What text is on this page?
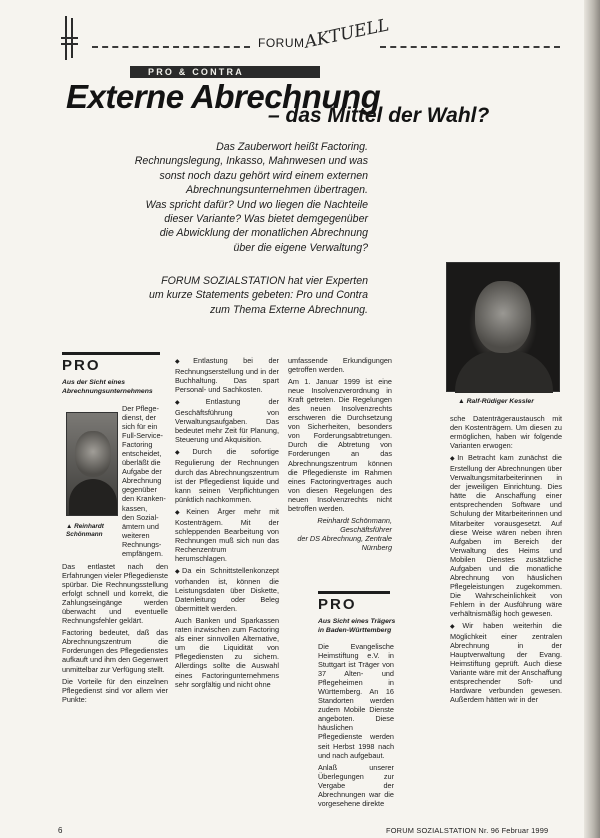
FORUM
AKTUELL
PRO & CONTRA
Externe Abrechnung
– das Mittel der Wahl?
Das Zauberwort heißt Factoring.
Rechnungslegung, Inkasso, Mahnwesen und was
sonst noch dazu gehört wird einem externen
Abrechnungsunternehmen übertragen.
Was spricht dafür? Und wo liegen die Nachteile
dieser Variante? Was bietet demgegenüber
die Abwicklung der monatlichen Abrechnung
über die eigene Verwaltung?
FORUM SOZIALSTATION hat vier Experten
um kurze Statements gebeten: Pro und Contra
zum Thema Externe Abrechnung.
▲ Ralf-Rüdiger Kessler
PRO
Aus der Sicht eines
Abrechnungsunternehmens
▲ Reinhardt
Schönmann
Der Pflege-
dienst, der
sich für ein
Full-Service-
Factoring
entscheidet,
überläßt die
Aufgabe der
Abrechnung
gegenüber
den Kranken-
kassen,
den Sozial-
ämtern und
weiteren
Rechnungs-
empfängern.

Das entlastet nach den Erfahrungen vieler Pflegedienste spürbar. Die Rechnungsstellung erfolgt schnell und korrekt, die Zahlungseingänge werden überwacht und eventuelle Rechnungsfehler geklärt.

Factoring bedeutet, daß das Abrechnungszentrum die Forderungen des Pflegedienstes aufkauft und ihm den Gegenwert unmittelbar zur Verfügung stellt.

Die Vorteile für den einzelnen Pflegedienst sind vor allem vier Punkte:

◆ Entlastung bei der Rechnungserstellung und in der Buchhaltung. Das spart Personal- und Sachkosten.

◆ Entlastung der Geschäftsführung von Verwaltungsaufgaben. Das bedeutet mehr Zeit für Planung, Steuerung und Akquisition.

◆ Durch die sofortige Regulierung der Rechnungen durch das Abrechnungszentrum ist der Pflegedienst liquide und kann seinen Verpflichtungen pünktlich nachkommen.

◆ Keinen Ärger mehr mit Kostenträgern. Mit der schleppenden Bearbeitung von Rechnungen muß sich nun das Rechenzentrum herumschlagen.

◆ Da ein Schnittstellenkonzept vorhanden ist, können die Leistungsdaten über Diskette, Datenleitung oder Beleg übermittelt werden.

Auch Banken und Sparkassen raten inzwischen zum Factoring als einer sinnvollen Alternative, um die Liquidität von Pflegediensten zu sichern. Allerdings sollte die Auswahl eines Factoringunternehmens sehr sorgfältig und nicht ohne

umfassende Erkundigungen getroffen werden.

Am 1. Januar 1999 ist eine neue Insolvenzverordnung in Kraft getreten. Die Regelungen des neuen Insolvenzrechts erschweren die Durchsetzung von Sicherheiten, besonders von Forderungsabtretungen. Durch die Abtretung von Forderungen an das Abrechnungszentrum können die Pflegedienste im Rahmen eines Factoringvertrages auch von diesen Regelungen des neuen Insolvenzrechts nicht betroffen werden.

Reinhardt Schönmann, Geschäftsführer
der DS Abrechnung, Zentrale Nürnberg
PRO
Aus Sicht eines Trägers
in Baden-Württemberg

Die Evangelische Heimstiftung e.V. in Stuttgart ist Träger von 37 Alten- und Pflegeheimen in Württemberg. An 16 Standorten werden zudem Mobile Dienste angeboten. Diese häuslichen Pflegedienste werden seit Herbst 1998 nach und nach aufgebaut.

Anlaß unserer Überlegungen zur Vergabe der Abrechnungen war die vorgesehene direkte

sche Datenträgeraustausch mit den Kostenträgern. Um diesen zu ermöglichen, haben wir folgende Varianten erwogen:

◆ In Betracht kam zunächst die Erstellung der Abrechnungen über Verwaltungsmitarbeiterinnen in der jeweiligen Einrichtung. Dies hätte die Anschaffung einer entsprechenden Software und Schulung der Mitarbeiterinnen und Mitarbeiter vorausgesetzt. Auf diese Weise wären neben ihren Aufgaben im Bereich der Verwaltung des Heims und Mobilen Dienstes zusätzliche Aufgaben und die monatliche Abrechnung von häuslichen Pflegeleistungen zugekommen. Die Wahrscheinlichkeit von Fehlern in der Ausführung wäre verhältnismäßig hoch gewesen.

◆ Wir haben weiterhin die Möglichkeit einer zentralen Abrechnung in der Hauptverwaltung der Evang. Heimstiftung geprüft. Auch diese Variante wäre mit der Anschaffung entsprechender Soft- und Hardware verbunden gewesen. Außerdem hätten wir in der

6	FORUM SOZIALSTATION Nr. 96 Februar 1999
